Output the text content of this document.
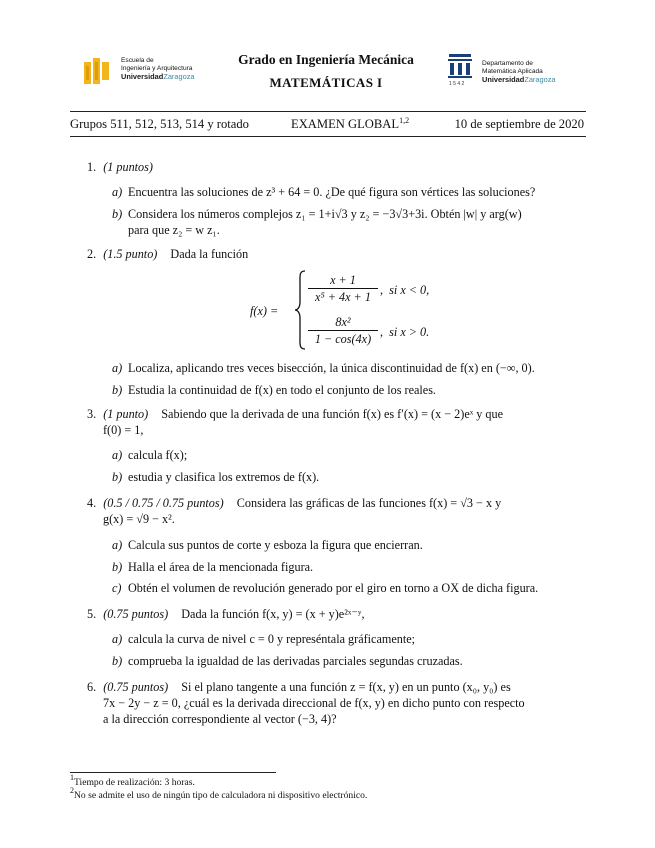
Escuela de
Ingeniería y Arquitectura
UniversidadZaragoza
Grado en Ingeniería Mecánica
MATEMÁTICAS I	1 5 4 2
Departamento de
Matemática Aplicada
UniversidadZaragoza
Grupos 511, 512, 513, 514 y rotado	EXAMEN GLOBAL$^{1,2}$	10 de septiembre de 2020
1. (1 puntos)
a) Encuentra las soluciones de z³ + 64 = 0. ¿De qué figura son vértices las soluciones?
b) Considera los números complejos z₁ = 1+i√3 y z₂ = −3√3+3i. Obtén |w| y arg(w)
para que z₂ = w z₁.
2. (1.5 punto) Dada la función
f(x) =
$\frac{x + 1}{\text{x⁵ + 4x + 1}}$ ,  si x < 0,
$\frac{\text{8x²}}{1 - \cos(4x)}$ ,  si x > 0.
a) Localiza, aplicando tres veces bisección, la única discontinuidad de f(x) en (−∞, 0).
b) Estudia la continuidad de f(x) en todo el conjunto de los reales.
3. (1 punto) Sabiendo que la derivada de una función f(x) es f′(x) = (x − 2)eˣ y que
f(0) = 1,
a) calcula f(x);
b) estudia y clasifica los extremos de f(x).
4. (0.5 / 0.75 / 0.75 puntos) Considera las gráficas de las funciones f(x) = √3 − x y
g(x) = √9 − x².
a) Calcula sus puntos de corte y esboza la figura que encierran.
b) Halla el área de la mencionada figura.
c) Obtén el volumen de revolución generado por el giro en torno a OX de dicha figura.
5. (0.75 puntos) Dada la función f(x, y) = (x + y)e²ˣ⁻ʸ,
a) calcula la curva de nivel c = 0 y represéntala gráficamente;
b) comprueba la igualdad de las derivadas parciales segundas cruzadas.
6. (0.75 puntos) Si el plano tangente a una función z = f(x, y) en un punto (x₀, y₀) es
7x − 2y − z = 0, ¿cuál es la derivada direccional de f(x, y) en dicho punto con respecto
a la dirección correspondiente al vector (−3, 4)?
$^1$Tiempo de realización: 3 horas.
$^2$No se admite el uso de ningún tipo de calculadora ni dispositivo electrónico.
